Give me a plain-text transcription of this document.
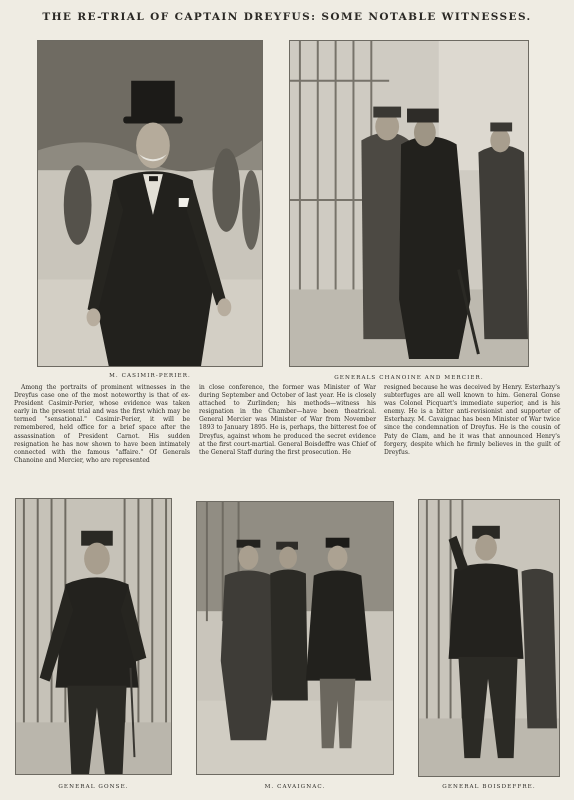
THE RE-TRIAL OF CAPTAIN DREYFUS: SOME NOTABLE WITNESSES.
M. CASIMIR-PERIER.	GENERALS CHANOINE AND MERCIER.

Among the portraits of prominent witnesses in the Dreyfus case one of the most noteworthy is that of ex-President Casimir-Perier, whose evidence was taken early in the present trial and was the first which may be termed "sensational." Casimir-Perier, it will be remembered, held office for a brief space after the assassination of President Carnot. His sudden resignation he has now shown to have been intimately connected with the famous "affaire." Of Generals Chanoine and Mercier, who are represented

in close conference, the former was Minister of War during September and October of last year. He is closely attached to Zurlinden; his methods—witness his resignation in the Chamber—have been theatrical. General Mercier was Minister of War from November 1893 to January 1895. He is, perhaps, the bitterest foe of Dreyfus, against whom he produced the secret evidence at the first court-martial. General Boisdeffre was Chief of the General Staff during the first prosecution. He

resigned because he was deceived by Henry. Esterhazy's subterfuges are all well known to him. General Gonse was Colonel Picquart's immediate superior, and is his enemy. He is a bitter anti-revisionist and supporter of Esterhazy. M. Cavaignac has been Minister of War twice since the condemnation of Dreyfus. He is the cousin of Paty de Clam, and he it was that announced Henry's forgery, despite which he firmly believes in the guilt of Dreyfus.

GENERAL GONSE.	M. CAVAIGNAC.	GENERAL BOISDEFFRE.
